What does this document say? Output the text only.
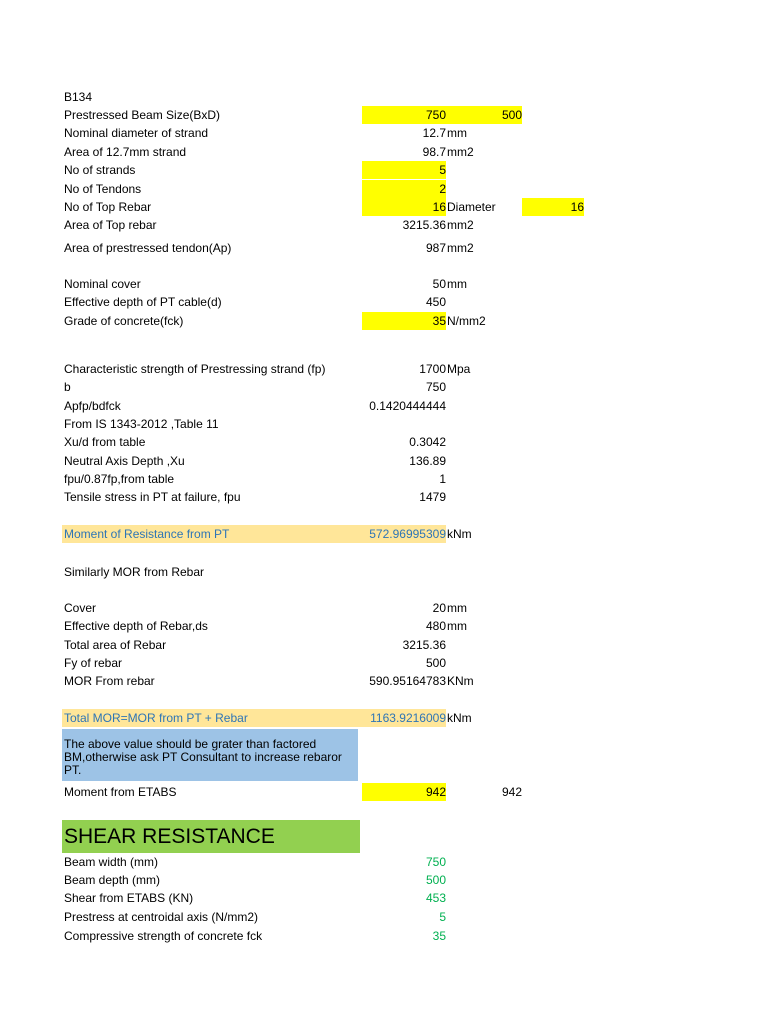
B134
Prestressed Beam Size(BxD)	750	500
Nominal diameter of strand	12.7 mm
Area of 12.7mm strand	98.7 mm2
No of strands	5
No of Tendons	2
No of Top Rebar	16 Diameter	16
Area of Top rebar	3215.36 mm2
Area of prestressed tendon(Ap)	987 mm2
Nominal cover	50 mm
Effective depth of PT cable(d)	450
Grade of concrete(fck)	35 N/mm2
Characteristic strength of Prestressing strand (fp)	1700 Mpa
b	750
Apfp/bdfck	0.1420444444
From IS 1343-2012 ,Table 11
Xu/d from table	0.3042
Neutral Axis Depth ,Xu	136.89
fpu/0.87fp,from table	1
Tensile stress in PT at failure, fpu	1479
Moment of Resistance from PT	572.96995309 kNm
Similarly MOR from Rebar
Cover	20 mm
Effective depth of Rebar,ds	480 mm
Total area of Rebar	3215.36
Fy of rebar	500
MOR From rebar	590.95164783 KNm
Total MOR=MOR from PT + Rebar	1163.9216009 kNm
The above value should be grater than factored BM,otherwise ask PT Consultant to increase rebaror PT.
Moment from ETABS	942	942
SHEAR RESISTANCE
Beam width (mm)	750
Beam depth (mm)	500
Shear from ETABS (KN)	453
Prestress at centroidal axis (N/mm2)	5
Compressive strength of concrete fck	35
